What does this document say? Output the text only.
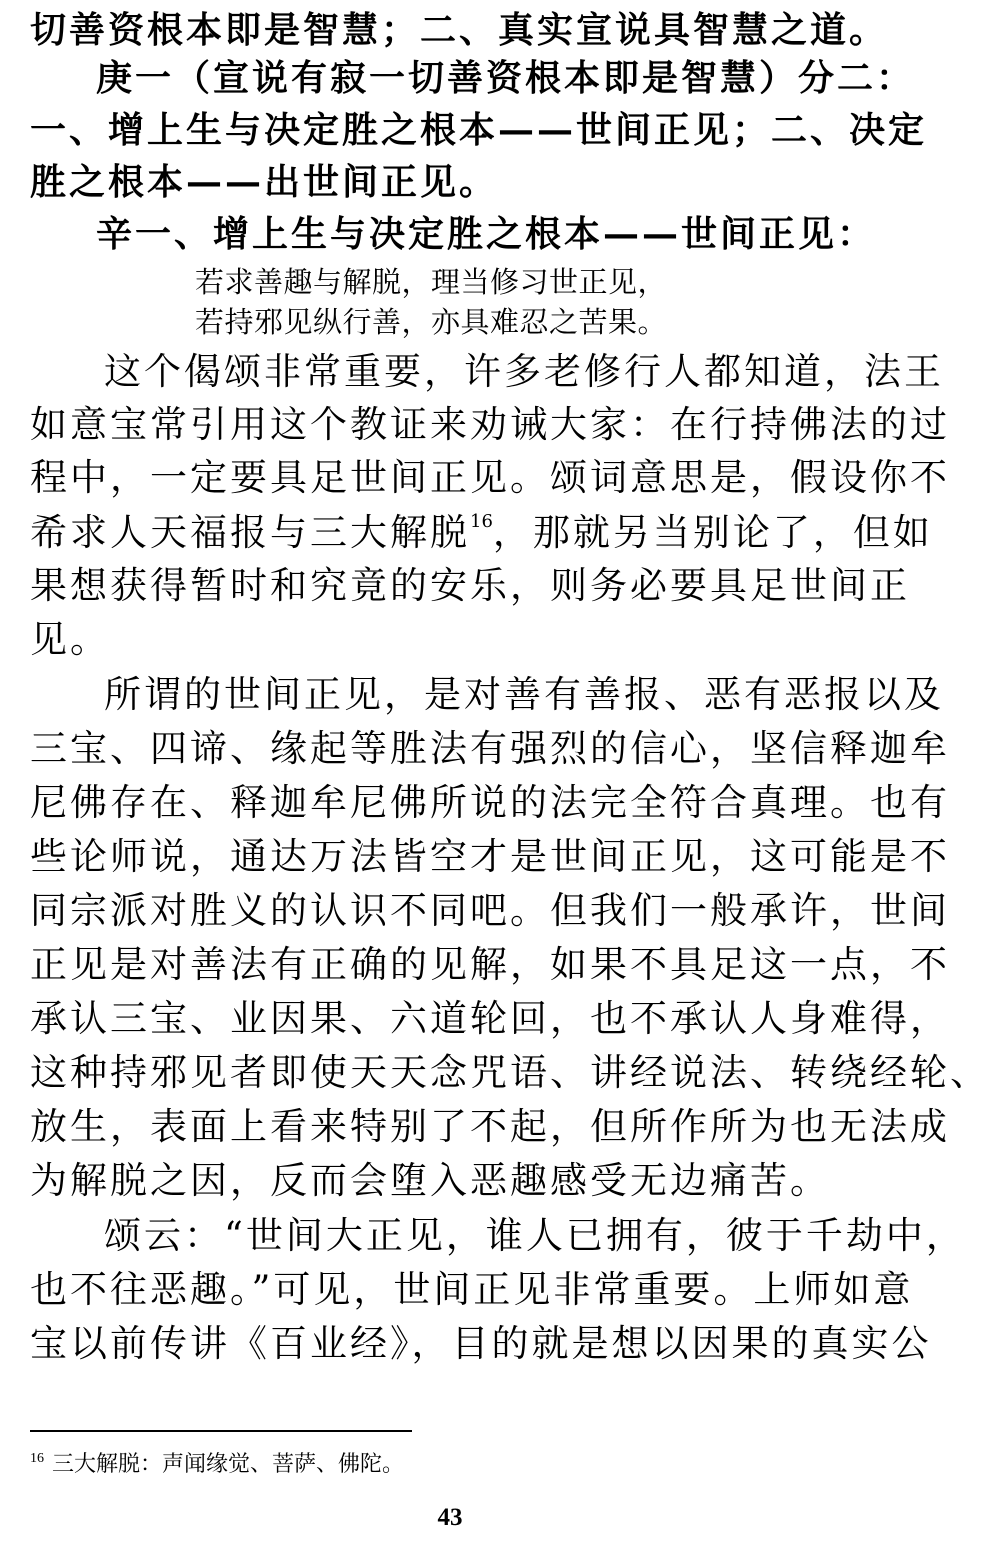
切善资根本即是智慧；二、真实宣说具智慧之道。
庚一（宣说有寂一切善资根本即是智慧）分二：
一、增上生与决定胜之根本——世间正见；二、决定
胜之根本——出世间正见。
辛一、增上生与决定胜之根本——世间正见：
若求善趣与解脱，理当修习世正见，
若持邪见纵行善，亦具难忍之苦果。
这个偈颂非常重要，许多老修行人都知道，法王
如意宝常引用这个教证来劝诫大家：在行持佛法的过
程中，一定要具足世间正见。颂词意思是，假设你不
希求人天福报与三大解脱$^{16}$，那就另当别论了，但如
果想获得暂时和究竟的安乐，则务必要具足世间正
见。
所谓的世间正见，是对善有善报、恶有恶报以及
三宝、四谛、缘起等胜法有强烈的信心，坚信释迦牟
尼佛存在、释迦牟尼佛所说的法完全符合真理。也有
些论师说，通达万法皆空才是世间正见，这可能是不
同宗派对胜义的认识不同吧。但我们一般承许，世间
正见是对善法有正确的见解，如果不具足这一点，不
承认三宝、业因果、六道轮回，也不承认人身难得，
这种持邪见者即使天天念咒语、讲经说法、转绕经轮、
放生，表面上看来特别了不起，但所作所为也无法成
为解脱之因，反而会堕入恶趣感受无边痛苦。
颂云：“世间大正见，谁人已拥有，彼于千劫中，
也不往恶趣。”可见，世间正见非常重要。上师如意
宝以前传讲《百业经》，目的就是想以因果的真实公
$^{16}$ 三大解脱：声闻缘觉、菩萨、佛陀。
43
